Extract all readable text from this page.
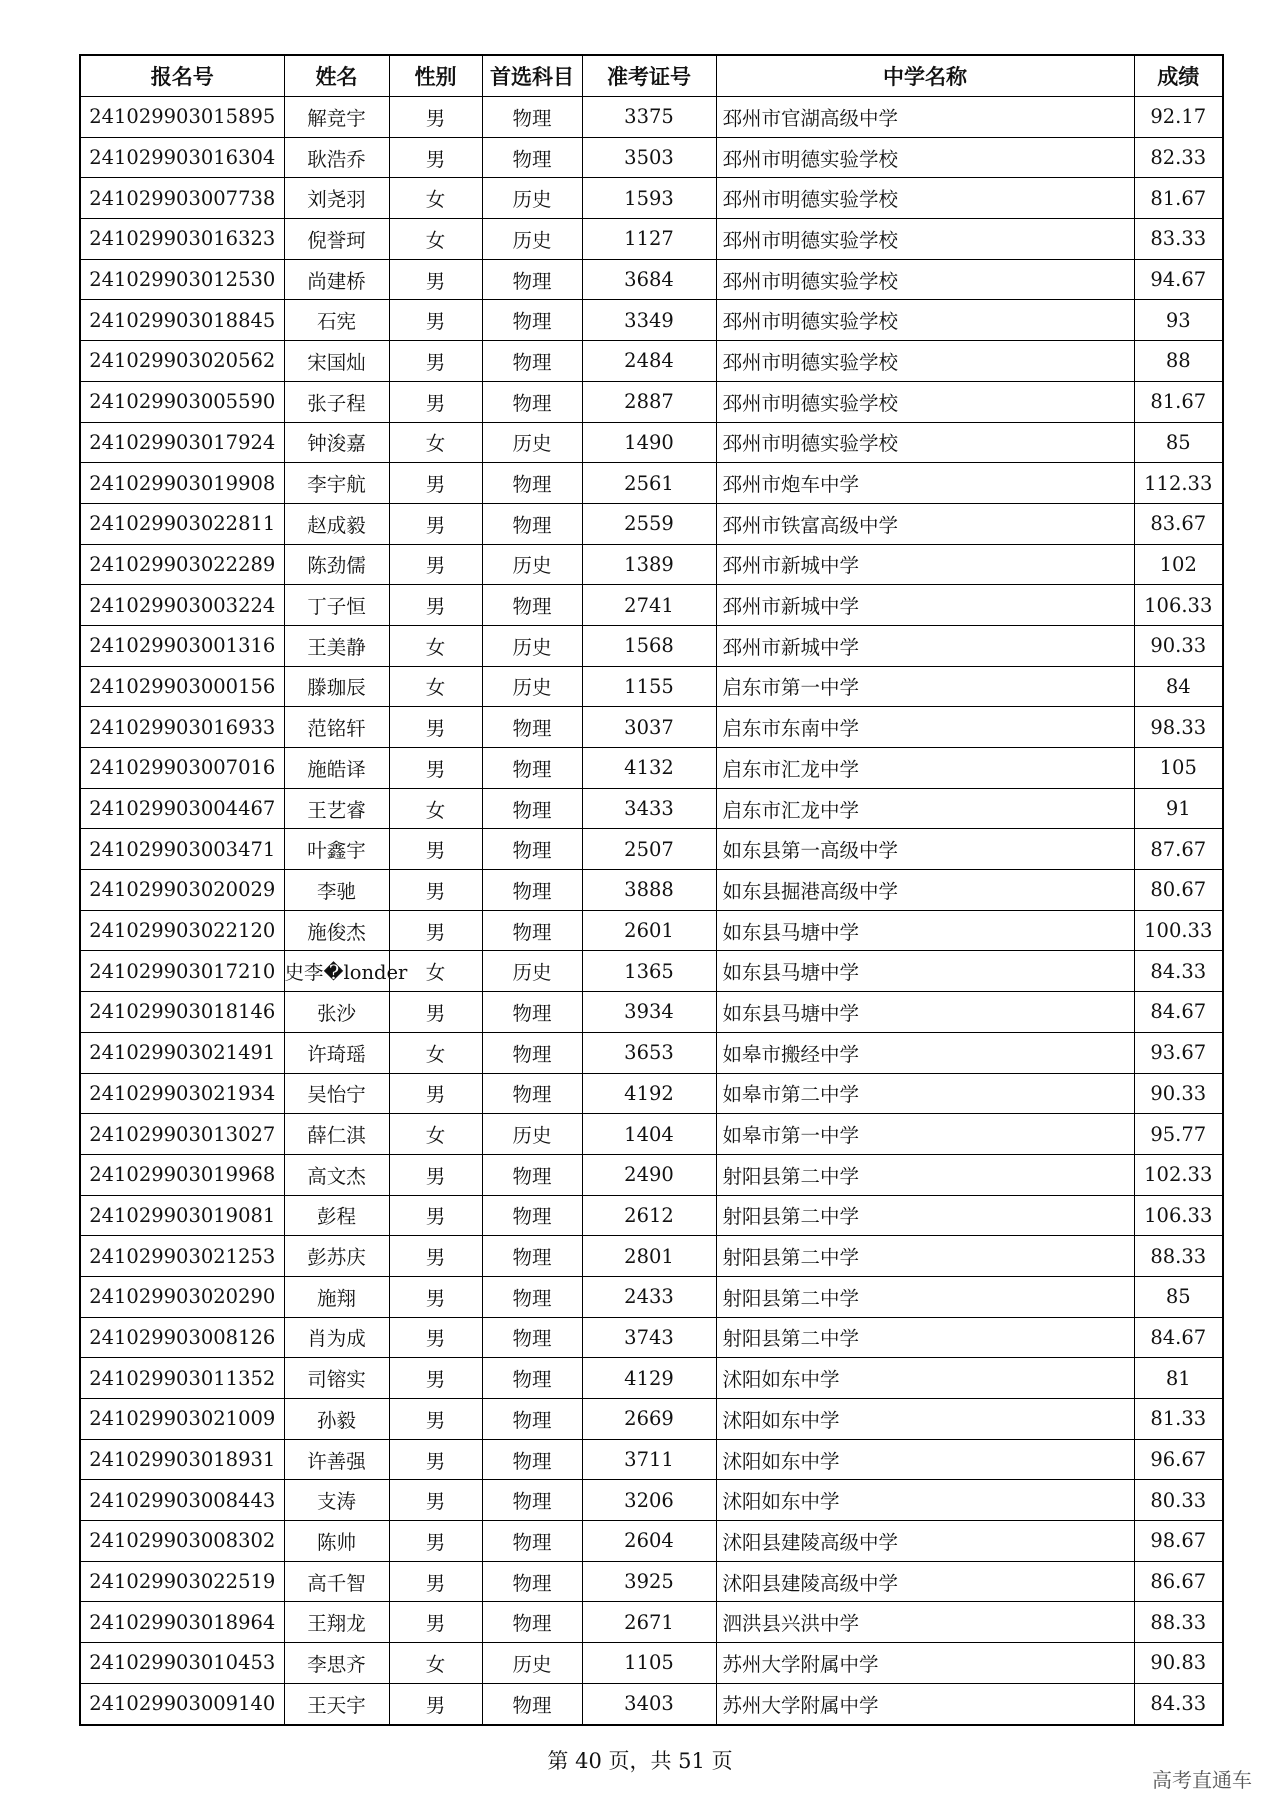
报名号	姓名	性别	首选科目	准考证号	中学名称	成绩
241029903015895	解竞宇	男	物理	3375	邳州市官湖高级中学	92.17
241029903016304	耿浩乔	男	物理	3503	邳州市明德实验学校	82.33
241029903007738	刘尧羽	女	历史	1593	邳州市明德实验学校	81.67
241029903016323	倪誉珂	女	历史	1127	邳州市明德实验学校	83.33
241029903012530	尚建桥	男	物理	3684	邳州市明德实验学校	94.67
241029903018845	石宪	男	物理	3349	邳州市明德实验学校	93
241029903020562	宋国灿	男	物理	2484	邳州市明德实验学校	88
241029903005590	张子程	男	物理	2887	邳州市明德实验学校	81.67
241029903017924	钟浚嘉	女	历史	1490	邳州市明德实验学校	85
241029903019908	李宇航	男	物理	2561	邳州市炮车中学	112.33
241029903022811	赵成毅	男	物理	2559	邳州市铁富高级中学	83.67
241029903022289	陈劲儒	男	历史	1389	邳州市新城中学	102
241029903003224	丁子恒	男	物理	2741	邳州市新城中学	106.33
241029903001316	王美静	女	历史	1568	邳州市新城中学	90.33
241029903000156	滕珈辰	女	历史	1155	启东市第一中学	84
241029903016933	范铭轩	男	物理	3037	启东市东南中学	98.33
241029903007016	施皓译	男	物理	4132	启东市汇龙中学	105
241029903004467	王艺睿	女	物理	3433	启东市汇龙中学	91
241029903003471	叶鑫宇	男	物理	2507	如东县第一高级中学	87.67
241029903020029	李驰	男	物理	3888	如东县掘港高级中学	80.67
241029903022120	施俊杰	男	物理	2601	如东县马塘中学	100.33
241029903017210	史李�londer	女	历史	1365	如东县马塘中学	84.33
241029903018146	张沙	男	物理	3934	如东县马塘中学	84.67
241029903021491	许琦瑶	女	物理	3653	如皋市搬经中学	93.67
241029903021934	吴怡宁	男	物理	4192	如皋市第二中学	90.33
241029903013027	薛仁淇	女	历史	1404	如皋市第一中学	95.77
241029903019968	高文杰	男	物理	2490	射阳县第二中学	102.33
241029903019081	彭程	男	物理	2612	射阳县第二中学	106.33
241029903021253	彭苏庆	男	物理	2801	射阳县第二中学	88.33
241029903020290	施翔	男	物理	2433	射阳县第二中学	85
241029903008126	肖为成	男	物理	3743	射阳县第二中学	84.67
241029903011352	司镕实	男	物理	4129	沭阳如东中学	81
241029903021009	孙毅	男	物理	2669	沭阳如东中学	81.33
241029903018931	许善强	男	物理	3711	沭阳如东中学	96.67
241029903008443	支涛	男	物理	3206	沭阳如东中学	80.33
241029903008302	陈帅	男	物理	2604	沭阳县建陵高级中学	98.67
241029903022519	高千智	男	物理	3925	沭阳县建陵高级中学	86.67
241029903018964	王翔龙	男	物理	2671	泗洪县兴洪中学	88.33
241029903010453	李思齐	女	历史	1105	苏州大学附属中学	90.83
241029903009140	王天宇	男	物理	3403	苏州大学附属中学	84.33
第 40 页，共 51 页
高考直通车
